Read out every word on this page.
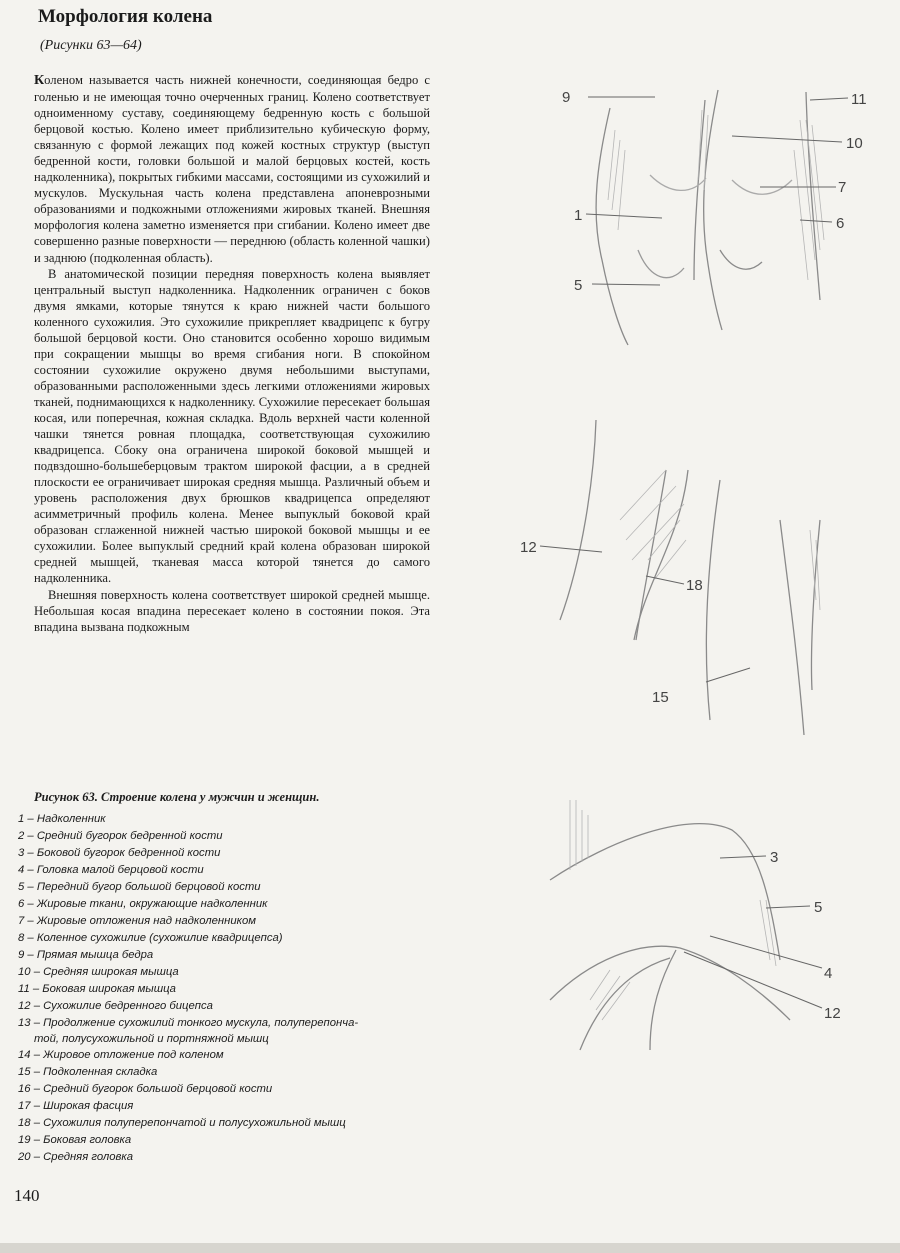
Морфология колена
(Рисунки 63—64)

Коленом называется часть нижней конечности, соединяющая бедро с голенью и не имеющая точно очерченных границ. Колено соответствует одноименному суставу, соединяющему бедренную кость с большой берцовой костью. Колено имеет приблизительно кубическую форму, связанную с формой лежащих под кожей костных структур (выступ бедренной кости, головки большой и малой берцовых костей, кость надколенника), покрытых гибкими массами, состоящими из сухожилий и мускулов. Мускульная часть колена представлена апоневрозными образованиями и подкожными отложениями жировых тканей. Внешняя морфология колена заметно изменяется при сгибании. Колено имеет две совершенно разные поверхности — переднюю (область коленной чашки) и заднюю (подколенная область).

В анатомической позиции передняя поверхность колена выявляет центральный выступ надколенника. Надколенник ограничен с боков двумя ямками, которые тянутся к краю нижней части большого коленного сухожилия. Это сухожилие прикрепляет квадрицепс к бугру большой берцовой кости. Оно становится особенно хорошо видимым при сокращении мышцы во время сгибания ноги. В спокойном состоянии сухожилие окружено двумя небольшими выступами, образованными расположенными здесь легкими отложениями жировых тканей, поднимающихся к надколеннику. Сухожилие пересекает большая косая, или поперечная, кожная складка. Вдоль верхней части коленной чашки тянется ровная площадка, соответствующая сухожилию квадрицепса. Сбоку она ограничена широкой боковой мышцей и подвздошно-большеберцовым трактом широкой фасции, а в средней плоскости ее ограничивает широкая средняя мышца. Различный объем и уровень расположения двух брюшков квадрицепса определяют асимметричный профиль колена. Менее выпуклый боковой край образован сглаженной нижней частью широкой боковой мышцы и ее сухожилии. Более выпуклый средний край колена образован широкой средней мышцей, тканевая масса которой тянется до самого надколенника.

Внешняя поверхность колена соответствует широкой средней мышце. Небольшая косая впадина пересекает колено в состоянии покоя. Эта впадина вызвана подкожным

Рисунок 63. Строение колена у мужчин и женщин.
1 – Надколенник
2 – Средний бугорок бедренной кости
3 – Боковой бугорок бедренной кости
4 – Головка малой берцовой кости
5 – Передний бугор большой берцовой кости
6 – Жировые ткани, окружающие надколенник
7 – Жировые отложения над надколенником
8 – Коленное сухожилие (сухожилие квадрицепса)
9 – Прямая мышца бедра
10 – Средняя широкая мышца
11 – Боковая широкая мышца
12 – Сухожилие бедренного бицепса
13 – Продолжение сухожилий тонкого мускула, полуперепонча-
той, полусухожильной и портняжной мышц
14 – Жировое отложение под коленом
15 – Подколенная складка
16 – Средний бугорок большой берцовой кости
17 – Широкая фасция
18 – Сухожилия полуперепончатой и полусухожильной мышц
19 – Боковая головка
20 – Средняя головка
140
9	11
10
7
1	6
5
12
18
15
3
5
4
12
